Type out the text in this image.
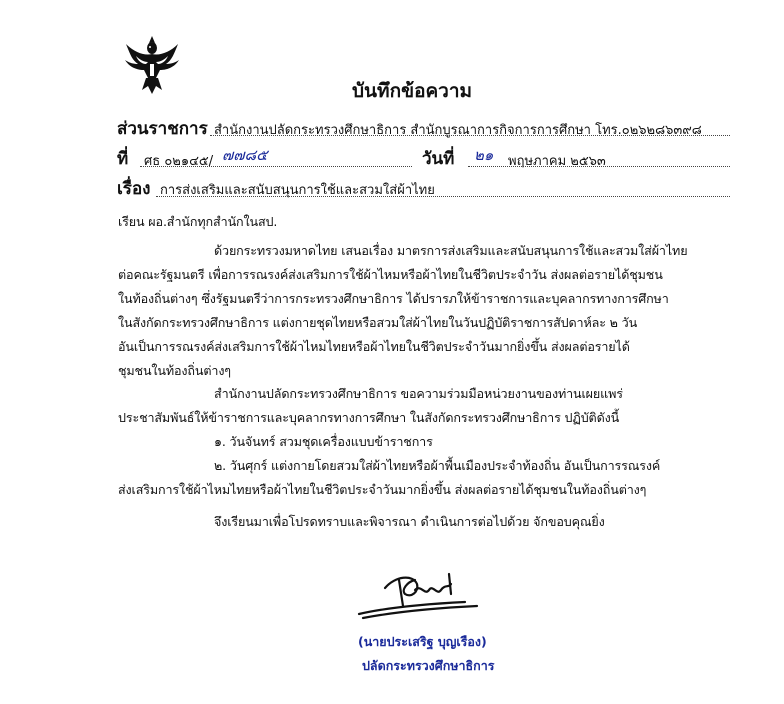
บันทึกข้อความ
ส่วนราชการ สำนักงานปลัดกระทรวงศึกษาธิการ สำนักบูรณาการกิจการการศึกษา โทร.๐๒๖๒๘๖๓๙๘
ที่ ศธ ๐๒๑๔๕/ ๗๗๘๕	วันที่ ๒๑ พฤษภาคม ๒๕๖๓
เรื่อง การส่งเสริมและสนับสนุนการใช้และสวมใส่ผ้าไทย
เรียน ผอ.สำนักทุกสำนักในสป.
ด้วยกระทรวงมหาดไทย เสนอเรื่อง มาตรการส่งเสริมและสนับสนุนการใช้และสวมใส่ผ้าไทย
ต่อคณะรัฐมนตรี เพื่อการรณรงค์ส่งเสริมการใช้ผ้าไหมหรือผ้าไทยในชีวิตประจำวัน ส่งผลต่อรายได้ชุมชน
ในท้องถิ่นต่างๆ ซึ่งรัฐมนตรีว่าการกระทรวงศึกษาธิการ ได้ปรารภให้ข้าราชการและบุคลากรทางการศึกษา
ในสังกัดกระทรวงศึกษาธิการ แต่งกายชุดไทยหรือสวมใส่ผ้าไทยในวันปฏิบัติราชการสัปดาห์ละ ๒ วัน
อันเป็นการรณรงค์ส่งเสริมการใช้ผ้าไหมไทยหรือผ้าไทยในชีวิตประจำวันมากยิ่งขึ้น ส่งผลต่อรายได้
ชุมชนในท้องถิ่นต่างๆ
สำนักงานปลัดกระทรวงศึกษาธิการ ขอความร่วมมือหน่วยงานของท่านเผยแพร่
ประชาสัมพันธ์ให้ข้าราชการและบุคลากรทางการศึกษา ในสังกัดกระทรวงศึกษาธิการ ปฏิบัติดังนี้
๑. วันจันทร์ สวมชุดเครื่องแบบข้าราชการ
๒. วันศุกร์ แต่งกายโดยสวมใส่ผ้าไทยหรือผ้าพื้นเมืองประจำท้องถิ่น อันเป็นการรณรงค์
ส่งเสริมการใช้ผ้าไหมไทยหรือผ้าไทยในชีวิตประจำวันมากยิ่งขึ้น ส่งผลต่อรายได้ชุมชนในท้องถิ่นต่างๆ
จึงเรียนมาเพื่อโปรดทราบและพิจารณา ดำเนินการต่อไปด้วย จักขอบคุณยิ่ง
(นายประเสริฐ บุญเรือง)
ปลัดกระทรวงศึกษาธิการ
